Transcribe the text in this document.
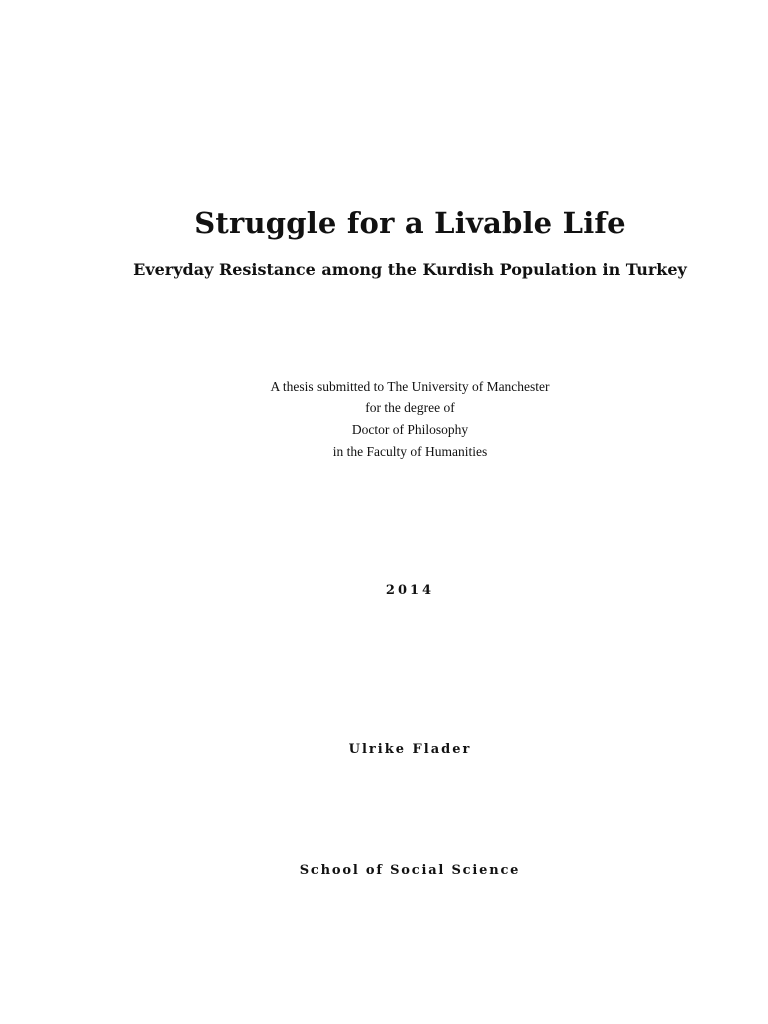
Struggle for a Livable Life
Everyday Resistance among the Kurdish Population in Turkey

A thesis submitted to The University of Manchester

for the degree of

Doctor of Philosophy

in the Faculty of Humanities

2014

Ulrike Flader

School of Social Science
